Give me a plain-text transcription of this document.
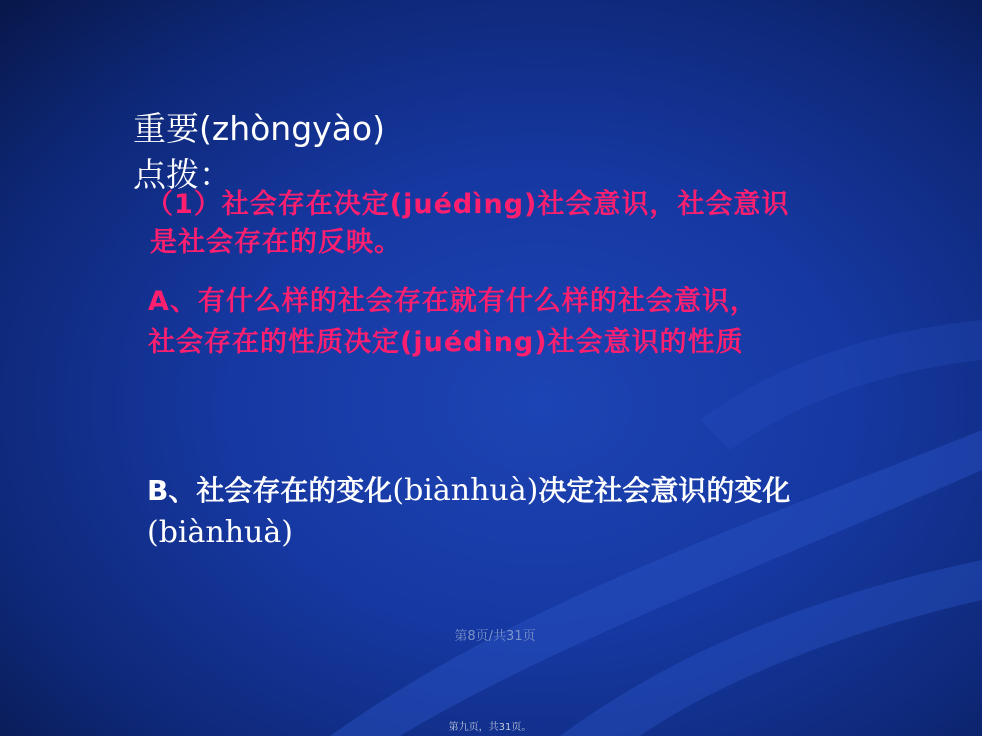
重要(zhòngyào)点拨：
（1）社会存在决定(juédìng)社会意识，社会意识是社会存在的反映。
A、有什么样的社会存在就有什么样的社会意识，社会存在的性质决定(juédìng)社会意识的性质
B、社会存在的变化(biànhuà)决定社会意识的变化(biànhuà)
第8页/共31页
第九页，共31页。
